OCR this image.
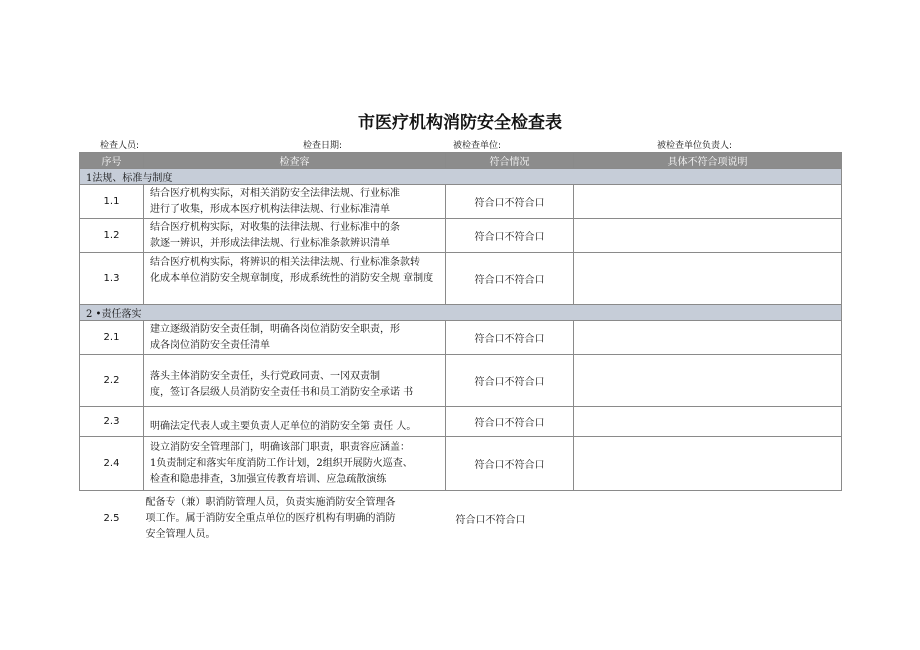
市医疗机构消防安全检查表
检查人员:	检查日期:	被检查单位:	被检查单位负责人:
序号	检查容	符合情况	具体不符合项说明
1法规、标准与制度			
1.1	结合医疗机构实际，对相关消防安全法律法规、行业标准
进行了收集，形成本医疗机构法律法规、行业标准清单	符合口不符合口	
1.2	结合医疗机构实际，对收集的法律法规、行业标准中的条
款逐一辨识，并形成法律法规、行业标准条款辨识清单	符合口不符合口	
1.3	结合医疗机构实际，将辨识的相关法律法规、行业标准条款转
化成本单位消防安全规章制度，形成系统性的消防安全规 章制度	符合口不符合口	
2 •责任落实			
2.1	建立逐级消防安全责任制，明确各岗位消防安全职责，形
成各岗位消防安全责任清单	符合口不符合口	
2.2	落头主体消防安全责任，头行党政同责、一冈双责制
度，签订各层级人员消防安全责任书和员工消防安全承诺 书	符合口不符合口	
2.3	明确法定代表人或主要负责人疋单位的消防安全第 责任 人。	符合口不符合口	
2.4	设立消防安全管理部门，明确该部门职责，职责容应涵盖：
1负责制定和落实年度消防工作计划，2组织开展防火巡查、
检查和隐患排查，3加强宣传教育培训、应急疏散演练	符合口不符合口	
2.5	配备专（兼）职消防管理人员，负责实施消防安全管理各
项工作。属于消防安全重点单位的医疗机构有明确的消防
安全管理人员。	符合口不符合口	
